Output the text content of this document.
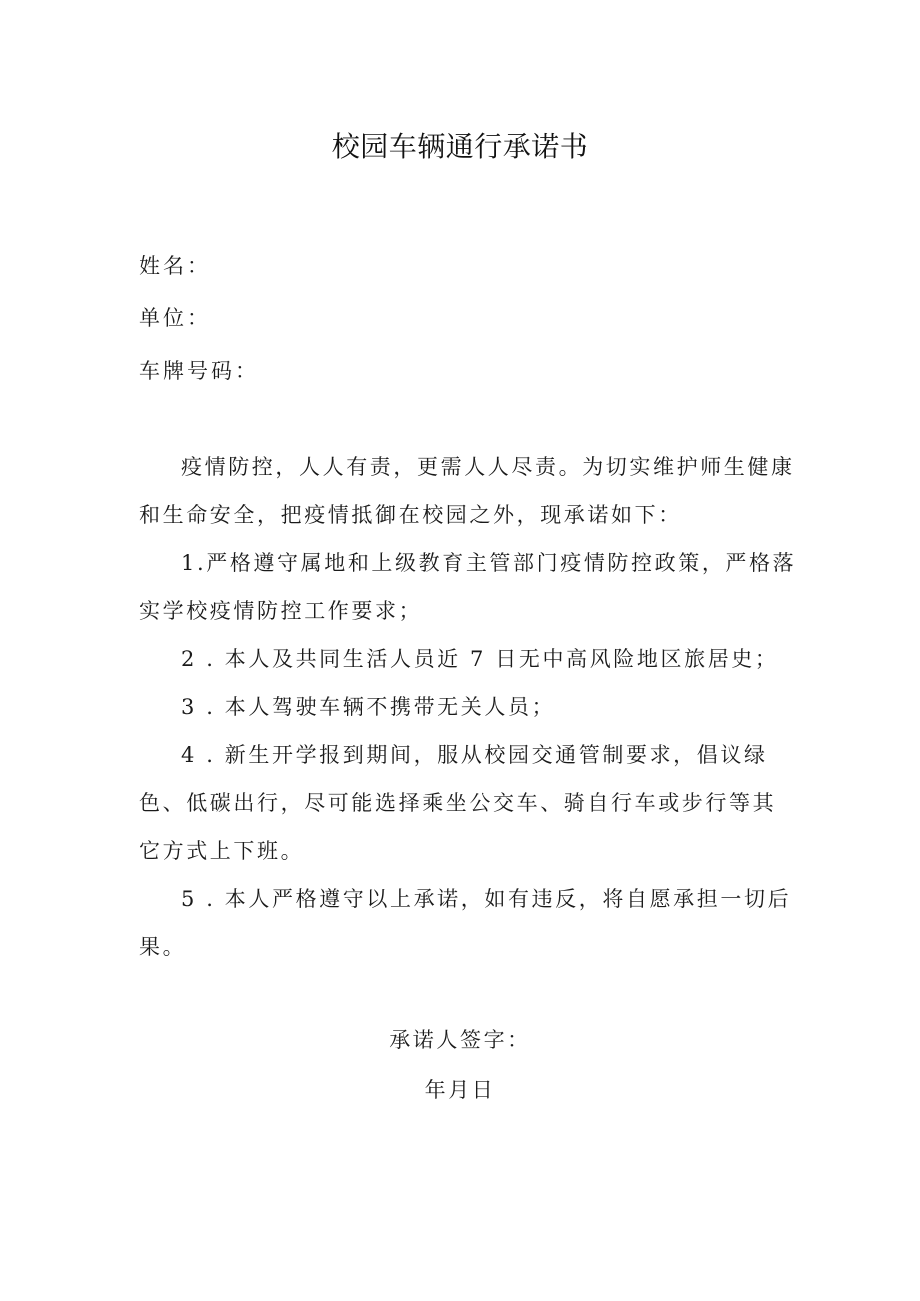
校园车辆通行承诺书
姓名：
单位：
车牌号码：

疫情防控，人人有责，更需人人尽责。为切实维护师生健康和生命安全，把疫情抵御在校园之外，现承诺如下：

1.严格遵守属地和上级教育主管部门疫情防控政策，严格落实学校疫情防控工作要求；

2 . 本人及共同生活人员近 7 日无中高风险地区旅居史；

3 . 本人驾驶车辆不携带无关人员；

4 . 新生开学报到期间，服从校园交通管制要求，倡议绿色、低碳出行，尽可能选择乘坐公交车、骑自行车或步行等其它方式上下班。

5 . 本人严格遵守以上承诺，如有违反，将自愿承担一切后果。

承诺人签字：
年月日
